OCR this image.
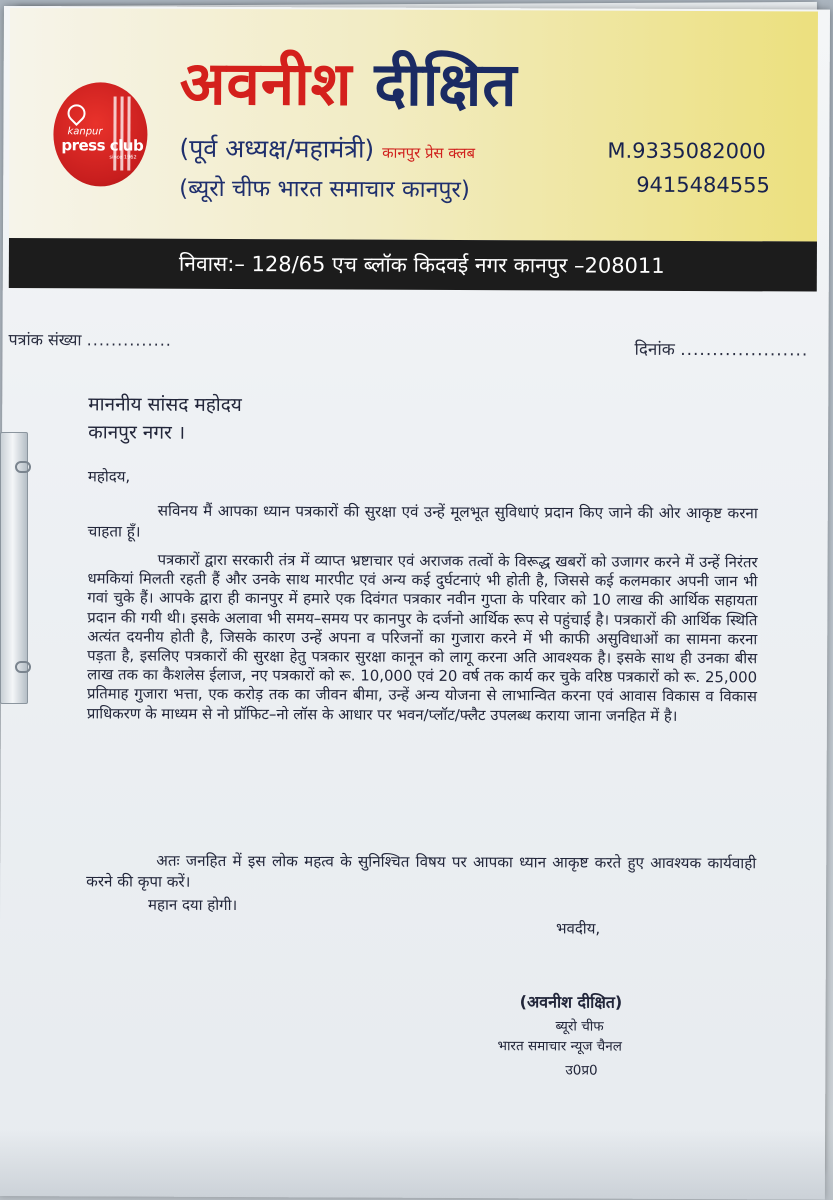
kanpur
press club
since 1962
अवनीश दीक्षित
(पूर्व अध्यक्ष/महामंत्री) कानपुर प्रेस क्लब	M.9335082000
(ब्यूरो चीफ भारत समाचार कानपुर)	9415484555
निवास:– 128/65 एच ब्लॉक किदवई नगर कानपुर –208011
पत्रांक संख्या ..............	दिनांक ....................
माननीय सांसद महोदय
कानपुर नगर ।
महोदय,
सविनय मैं आपका ध्यान पत्रकारों की सुरक्षा एवं उन्हें मूलभूत सुविधाएं प्रदान किए जाने की ओर आकृष्ट करना चाहता हूँ।
पत्रकारों द्वारा सरकारी तंत्र में व्याप्त भ्रष्टाचार एवं अराजक तत्वों के विरूद्ध खबरों को उजागर करने में उन्हें निरंतर धमकियां मिलती रहती हैं और उनके साथ मारपीट एवं अन्य कई दुर्घटनाएं भी होती है, जिससे कई कलमकार अपनी जान भी गवां चुके हैं। आपके द्वारा ही कानपुर में हमारे एक दिवंगत पत्रकार नवीन गुप्ता के परिवार को 10 लाख की आर्थिक सहायता प्रदान की गयी थी। इसके अलावा भी समय–समय पर कानपुर के दर्जनो आर्थिक रूप से पहुंचाई है। पत्रकारों की आर्थिक स्थिति अत्यंत दयनीय होती है, जिसके कारण उन्हें अपना व परिजनों का गुजारा करने में भी काफी असुविधाओं का सामना करना पड़ता है, इसलिए पत्रकारों की सुरक्षा हेतु पत्रकार सुरक्षा कानून को लागू करना अति आवश्यक है। इसके साथ ही उनका बीस लाख तक का कैशलेस ईलाज, नए पत्रकारों को रू. 10,000 एवं 20 वर्ष तक कार्य कर चुके वरिष्ठ पत्रकारों को रू. 25,000 प्रतिमाह गुजारा भत्ता, एक करोड़ तक का जीवन बीमा, उन्हें अन्य योजना से लाभान्वित करना एवं आवास विकास व विकास प्राधिकरण के माध्यम से नो प्रॉफिट–नो लॉस के आधार पर भवन/प्लॉट/फ्लैट उपलब्ध कराया जाना जनहित में है।
अतः जनहित में इस लोक महत्व के सुनिश्चित विषय पर आपका ध्यान आकृष्ट करते हुए आवश्यक कार्यवाही करने की कृपा करें।
महान दया होगी।
भवदीय,
(अवनीश दीक्षित)
ब्यूरो चीफ
भारत समाचार न्यूज चैनल
उ0प्र0
